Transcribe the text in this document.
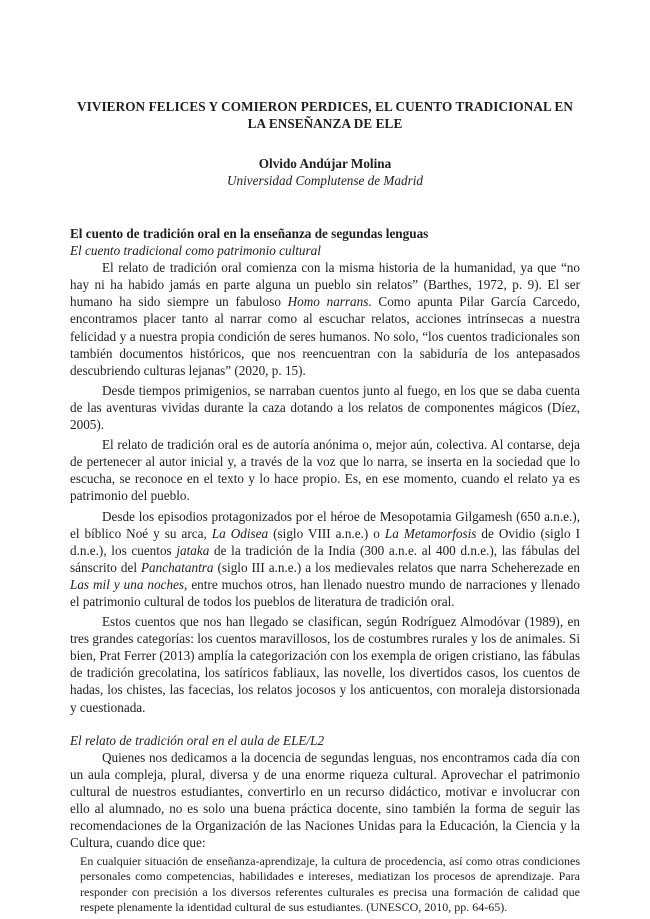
VIVIERON FELICES Y COMIERON PERDICES, EL CUENTO TRADICIONAL EN LA ENSEÑANZA DE ELE
Olvido Andújar Molina
Universidad Complutense de Madrid
El cuento de tradición oral en la enseñanza de segundas lenguas
El cuento tradicional como patrimonio cultural

El relato de tradición oral comienza con la misma historia de la humanidad, ya que “no hay ni ha habido jamás en parte alguna un pueblo sin relatos” (Barthes, 1972, p. 9). El ser humano ha sido siempre un fabuloso Homo narrans. Como apunta Pilar García Carcedo, encontramos placer tanto al narrar como al escuchar relatos, acciones intrínsecas a nuestra felicidad y a nuestra propia condición de seres humanos. No solo, “los cuentos tradicionales son también documentos históricos, que nos reencuentran con la sabiduría de los antepasados descubriendo culturas lejanas” (2020, p. 15).

Desde tiempos primigenios, se narraban cuentos junto al fuego, en los que se daba cuenta de las aventuras vividas durante la caza dotando a los relatos de componentes mágicos (Díez, 2005).

El relato de tradición oral es de autoría anónima o, mejor aún, colectiva. Al contarse, deja de pertenecer al autor inicial y, a través de la voz que lo narra, se inserta en la sociedad que lo escucha, se reconoce en el texto y lo hace propio. Es, en ese momento, cuando el relato ya es patrimonio del pueblo.

Desde los episodios protagonizados por el héroe de Mesopotamia Gilgamesh (650 a.n.e.), el bíblico Noé y su arca, La Odisea (siglo VIII a.n.e.) o La Metamorfosis de Ovidio (siglo I d.n.e.), los cuentos jataka de la tradición de la India (300 a.n.e. al 400 d.n.e.), las fábulas del sánscrito del Panchatantra (siglo III a.n.e.) a los medievales relatos que narra Scheherezade en Las mil y una noches, entre muchos otros, han llenado nuestro mundo de narraciones y llenado el patrimonio cultural de todos los pueblos de literatura de tradición oral.

Estos cuentos que nos han llegado se clasifican, según Rodríguez Almodóvar (1989), en tres grandes categorías: los cuentos maravillosos, los de costumbres rurales y los de animales. Si bien, Prat Ferrer (2013) amplía la categorización con los exempla de origen cristiano, las fábulas de tradición grecolatina, los satíricos fabliaux, las novelle, los divertidos casos, los cuentos de hadas, los chistes, las facecias, los relatos jocosos y los anticuentos, con moraleja distorsionada y cuestionada.

El relato de tradición oral en el aula de ELE/L2

Quienes nos dedicamos a la docencia de segundas lenguas, nos encontramos cada día con un aula compleja, plural, diversa y de una enorme riqueza cultural. Aprovechar el patrimonio cultural de nuestros estudiantes, convertirlo en un recurso didáctico, motivar e involucrar con ello al alumnado, no es solo una buena práctica docente, sino también la forma de seguir las recomendaciones de la Organización de las Naciones Unidas para la Educación, la Ciencia y la Cultura, cuando dice que:

En cualquier situación de enseñanza-aprendizaje, la cultura de procedencia, así como otras condiciones personales como competencias, habilidades e intereses, mediatizan los procesos de aprendizaje. Para responder con precisión a los diversos referentes culturales es precisa una formación de calidad que respete plenamente la identidad cultural de sus estudiantes. (UNESCO, 2010, pp. 64-65).
